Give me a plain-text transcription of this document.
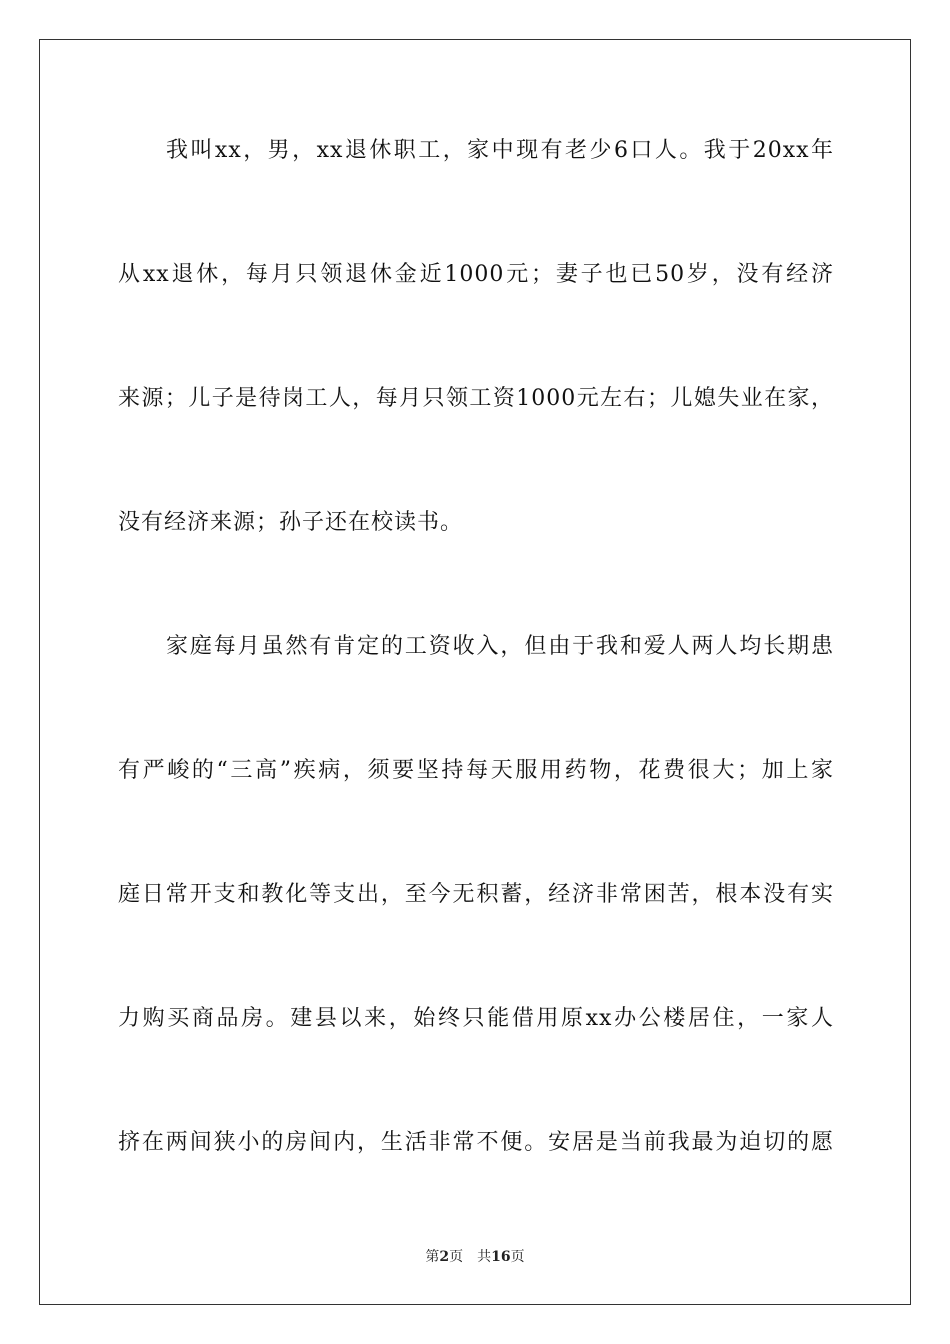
我叫xx，男，xx退休职工，家中现有老少6口人。我于20xx年
从xx退休，每月只领退休金近1000元；妻子也已50岁，没有经济
来源；儿子是待岗工人，每月只领工资1000元左右；儿媳失业在家，
没有经济来源；孙子还在校读书。
家庭每月虽然有肯定的工资收入，但由于我和爱人两人均长期患
有严峻的“三高”疾病，须要坚持每天服用药物，花费很大；加上家
庭日常开支和教化等支出，至今无积蓄，经济非常困苦，根本没有实
力购买商品房。建县以来，始终只能借用原xx办公楼居住，一家人
挤在两间狭小的房间内，生活非常不便。安居是当前我最为迫切的愿
第2页 共16页
